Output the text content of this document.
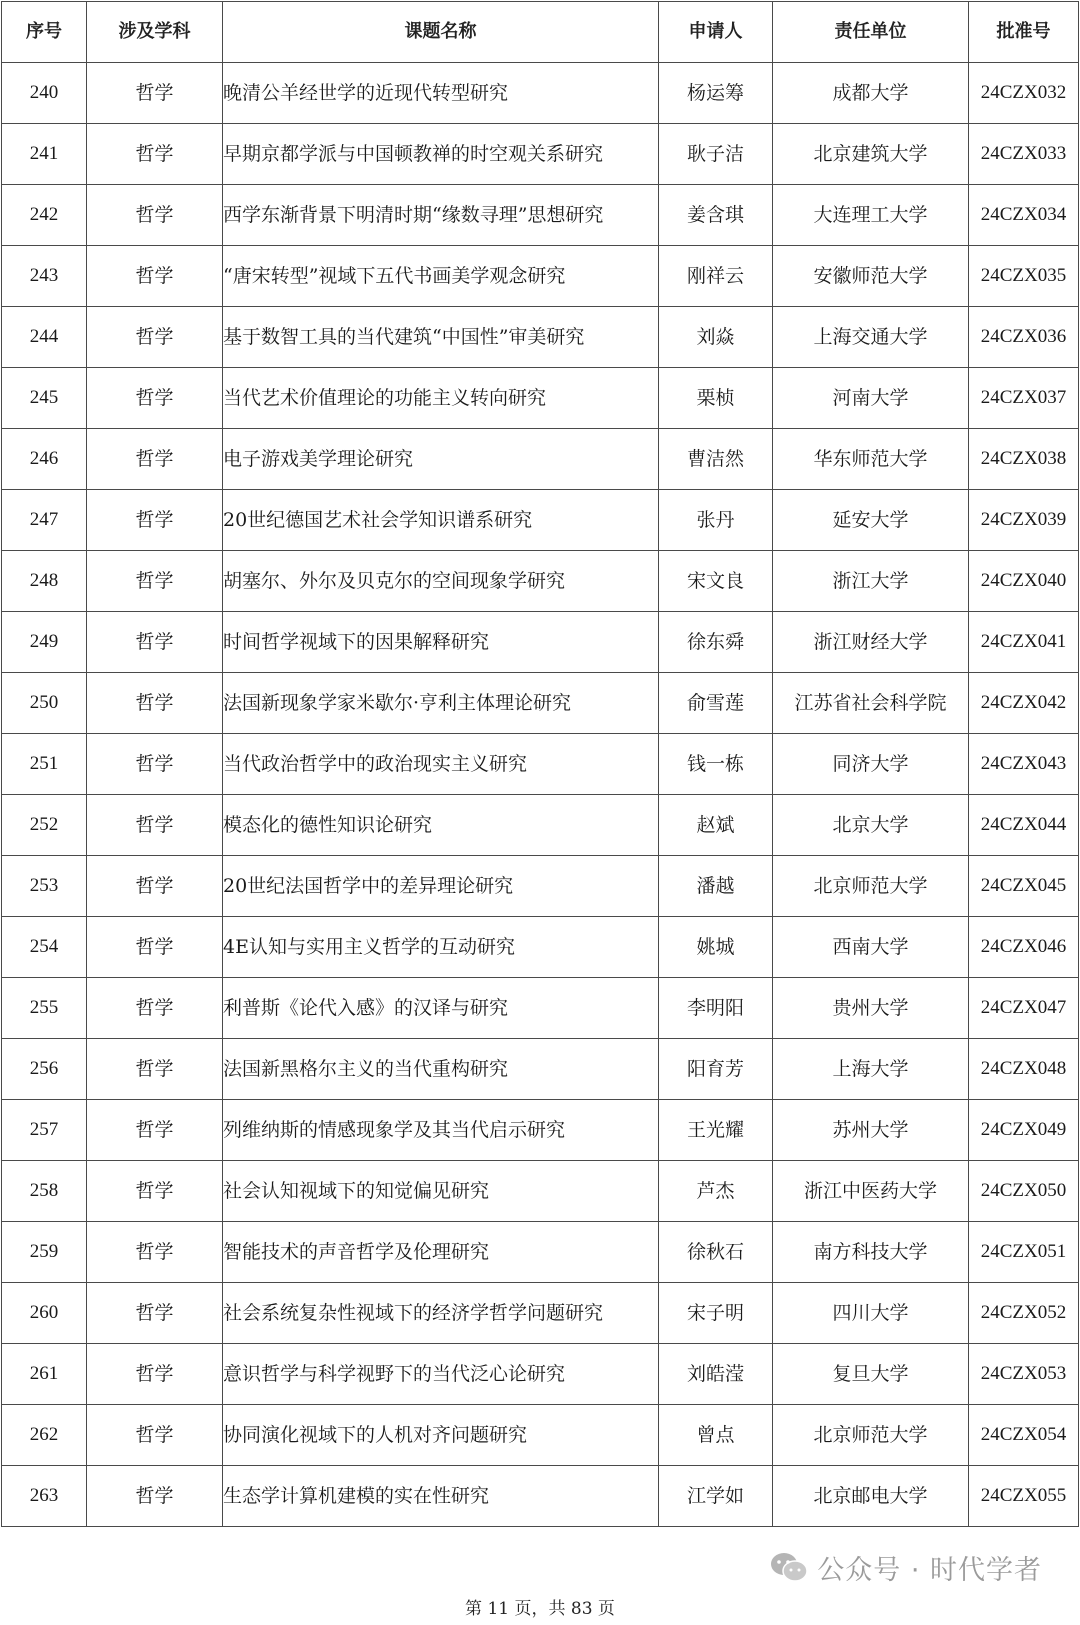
序号	涉及学科	课题名称	申请人	责任单位	批准号
240	哲学	晚清公羊经世学的近现代转型研究	杨运筹	成都大学	24CZX032
241	哲学	早期京都学派与中国顿教禅的时空观关系研究	耿子洁	北京建筑大学	24CZX033
242	哲学	西学东渐背景下明清时期“缘数寻理”思想研究	姜含琪	大连理工大学	24CZX034
243	哲学	“唐宋转型”视域下五代书画美学观念研究	刚祥云	安徽师范大学	24CZX035
244	哲学	基于数智工具的当代建筑“中国性”审美研究	刘焱	上海交通大学	24CZX036
245	哲学	当代艺术价值理论的功能主义转向研究	栗桢	河南大学	24CZX037
246	哲学	电子游戏美学理论研究	曹洁然	华东师范大学	24CZX038
247	哲学	20世纪德国艺术社会学知识谱系研究	张丹	延安大学	24CZX039
248	哲学	胡塞尔、外尔及贝克尔的空间现象学研究	宋文良	浙江大学	24CZX040
249	哲学	时间哲学视域下的因果解释研究	徐东舜	浙江财经大学	24CZX041
250	哲学	法国新现象学家米歇尔·亨利主体理论研究	俞雪莲	江苏省社会科学院	24CZX042
251	哲学	当代政治哲学中的政治现实主义研究	钱一栋	同济大学	24CZX043
252	哲学	模态化的德性知识论研究	赵斌	北京大学	24CZX044
253	哲学	20世纪法国哲学中的差异理论研究	潘越	北京师范大学	24CZX045
254	哲学	4E认知与实用主义哲学的互动研究	姚城	西南大学	24CZX046
255	哲学	利普斯《论代入感》的汉译与研究	李明阳	贵州大学	24CZX047
256	哲学	法国新黑格尔主义的当代重构研究	阳育芳	上海大学	24CZX048
257	哲学	列维纳斯的情感现象学及其当代启示研究	王光耀	苏州大学	24CZX049
258	哲学	社会认知视域下的知觉偏见研究	芦杰	浙江中医药大学	24CZX050
259	哲学	智能技术的声音哲学及伦理研究	徐秋石	南方科技大学	24CZX051
260	哲学	社会系统复杂性视域下的经济学哲学问题研究	宋子明	四川大学	24CZX052
261	哲学	意识哲学与科学视野下的当代泛心论研究	刘皓滢	复旦大学	24CZX053
262	哲学	协同演化视域下的人机对齐问题研究	曾点	北京师范大学	24CZX054
263	哲学	生态学计算机建模的实在性研究	江学如	北京邮电大学	24CZX055
公众号 · 时代学者
第 11 页，共 83 页
